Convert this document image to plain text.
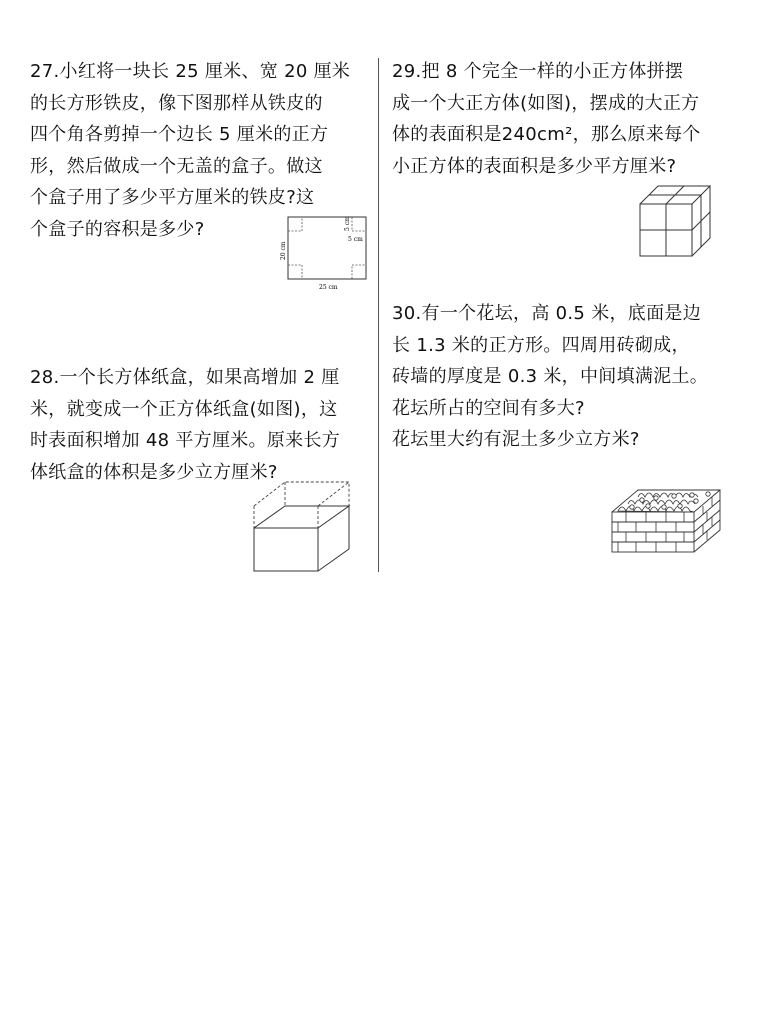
27.小红将一块长 25 厘米、宽 20 厘米
的长方形铁皮，像下图那样从铁皮的
四个角各剪掉一个边长 5 厘米的正方
形，然后做成一个无盖的盒子。做这
个盒子用了多少平方厘米的铁皮?这
个盒子的容积是多少?
20 cm
25 cm
5 cm
5 cm
28.一个长方体纸盒，如果高增加 2 厘
米，就变成一个正方体纸盒(如图)，这
时表面积增加 48 平方厘米。原来长方
体纸盒的体积是多少立方厘米?
29.把 8 个完全一样的小正方体拼摆
成一个大正方体(如图)，摆成的大正方
体的表面积是240cm²，那么原来每个
小正方体的表面积是多少平方厘米?
30.有一个花坛，高 0.5 米，底面是边
长 1.3 米的正方形。四周用砖砌成，
砖墙的厚度是 0.3 米，中间填满泥土。
花坛所占的空间有多大?
花坛里大约有泥土多少立方米?
